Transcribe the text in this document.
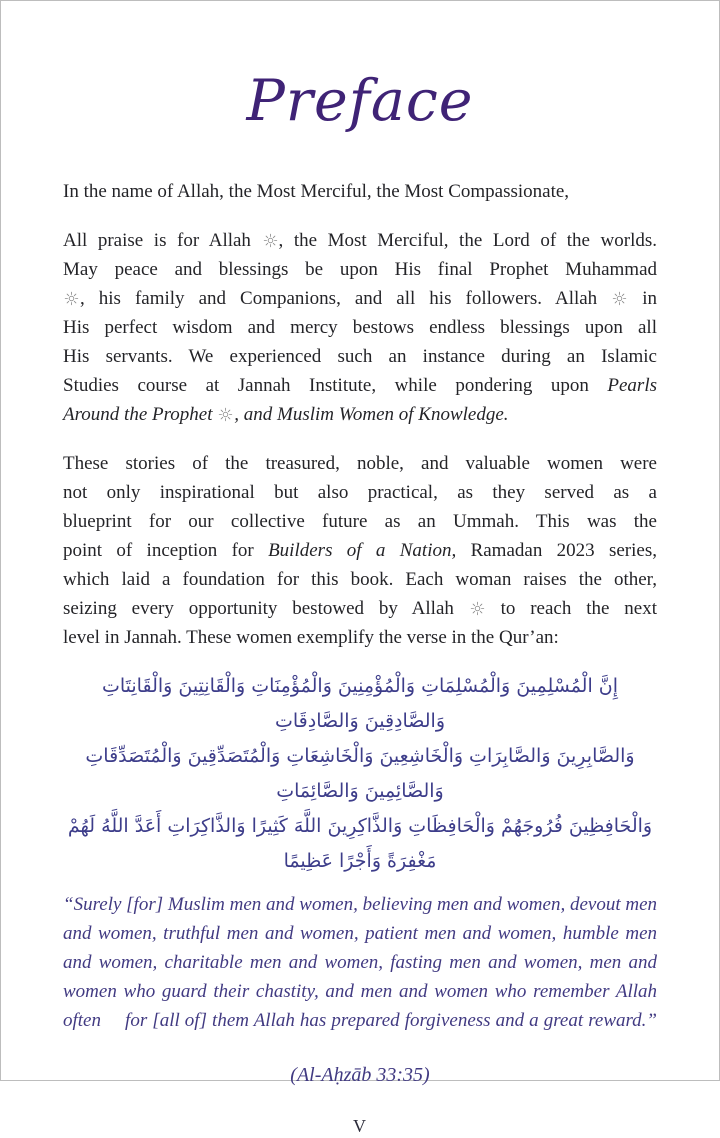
Preface
In the name of Allah, the Most Merciful, the Most Compassionate,
All praise is for Allah
, the Most Merciful, the Lord of the worlds.
May peace and blessings be upon His final Prophet Muhammad
, his family and Companions, and all his followers. Allah
in
His perfect wisdom and mercy bestows endless blessings upon all
His servants. We experienced such an instance during an Islamic
Studies course at Jannah Institute, while pondering upon Pearls
Around the Prophet
, and Muslim Women of Knowledge.
These stories of the treasured, noble, and valuable women were
not only inspirational but also practical, as they served as a
blueprint for our collective future as an Ummah. This was the
point of inception for Builders of a Nation, Ramadan 2023 series,
which laid a foundation for this book. Each woman raises the other,
seizing every opportunity bestowed by Allah
to reach the next
level in Jannah. These women exemplify the verse in the Qur’an:
إِنَّ الْمُسْلِمِينَ وَالْمُسْلِمَاتِ وَالْمُؤْمِنِينَ وَالْمُؤْمِنَاتِ وَالْقَانِتِينَ وَالْقَانِتَاتِ وَالصَّادِقِينَ وَالصَّادِقَاتِ
وَالصَّابِرِينَ وَالصَّابِرَاتِ وَالْخَاشِعِينَ وَالْخَاشِعَاتِ وَالْمُتَصَدِّقِينَ وَالْمُتَصَدِّقَاتِ وَالصَّائِمِينَ وَالصَّائِمَاتِ
وَالْحَافِظِينَ فُرُوجَهُمْ وَالْحَافِظَاتِ وَالذَّاكِرِينَ اللَّهَ كَثِيرًا وَالذَّاكِرَاتِ أَعَدَّ اللَّهُ لَهُمْ مَغْفِرَةً وَأَجْرًا عَظِيمًا
“Surely [for] Muslim men and women, believing men and women, devout men
and women, truthful men and women, patient men and women, humble men
and women, charitable men and women, fasting men and women, men and
women who guard their chastity, and men and women who remember Allah
often  for [all of] them Allah has prepared forgiveness and a great reward.”
(Al-Aḥzāb 33:35)
V
